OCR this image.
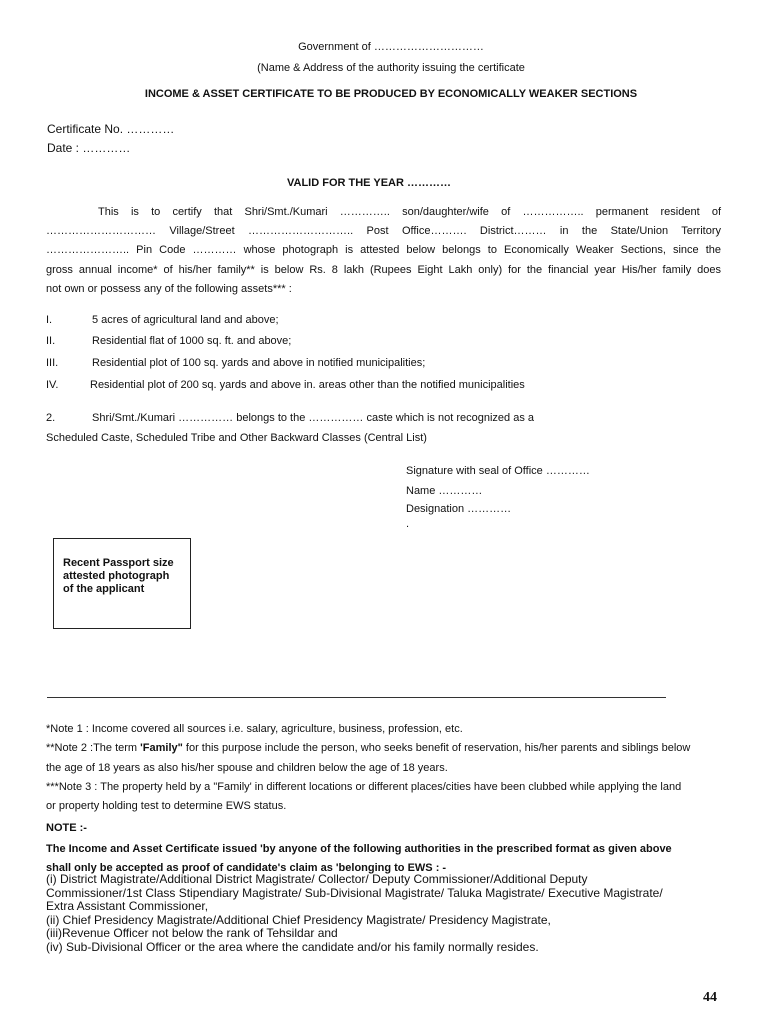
Government of …………………………
(Name & Address of the authority issuing the certificate
INCOME & ASSET CERTIFICATE TO BE PRODUCED BY ECONOMICALLY WEAKER SECTIONS
Certificate No. …………
Date : …………
VALID FOR THE YEAR …………
This is to certify that Shri/Smt./Kumari ………….. son/daughter/wife of …………….. permanent resident of
………………………… Village/Street ……………………….. Post Office………. District……… in the State/Union Territory
………………….. Pin Code ………… whose photograph is attested below belongs to Economically Weaker Sections, since the
gross annual income* of his/her family** is below Rs. 8 lakh (Rupees Eight Lakh only) for the financial year His/her family does
not own or possess any of the following assets*** :
I.	5 acres of agricultural land and above;
II.	Residential flat of 1000 sq. ft. and above;
III.	Residential plot of 100 sq. yards and above in notified municipalities;
IV.	Residential plot of 200 sq. yards and above in. areas other than the notified municipalities
2.	Shri/Smt./Kumari …………… belongs to the …………… caste which is not recognized as a
Scheduled Caste, Scheduled Tribe and Other Backward Classes (Central List)
Signature with seal of Office …………
Name …………
Designation …………
.
Recent Passport size
attested photograph
of the applicant
*Note 1 : Income covered all sources i.e. salary, agriculture, business, profession, etc.
**Note 2 :The term 'Family" for this purpose include the person, who seeks benefit of reservation, his/her parents and siblings below
the age of 18 years as also his/her spouse and children below the age of 18 years.
***Note 3 : The property held by a "Family' in different locations or different places/cities have been clubbed while applying the land
or property holding test to determine EWS status.
NOTE :-
The Income and Asset Certificate issued 'by anyone of the following authorities in the prescribed format as given above
shall only be accepted as proof of candidate's claim as 'belonging to EWS : -
(i) District Magistrate/Additional District Magistrate/ Collector/ Deputy Commissioner/Additional Deputy
Commissioner/1st Class Stipendiary Magistrate/ Sub-Divisional Magistrate/ Taluka Magistrate/ Executive Magistrate/
Extra Assistant Commissioner,
(ii) Chief Presidency Magistrate/Additional Chief Presidency Magistrate/ Presidency Magistrate,
(iii)Revenue Officer not below the rank of Tehsildar and
(iv) Sub-Divisional Officer or the area where the candidate and/or his family normally resides.
44
